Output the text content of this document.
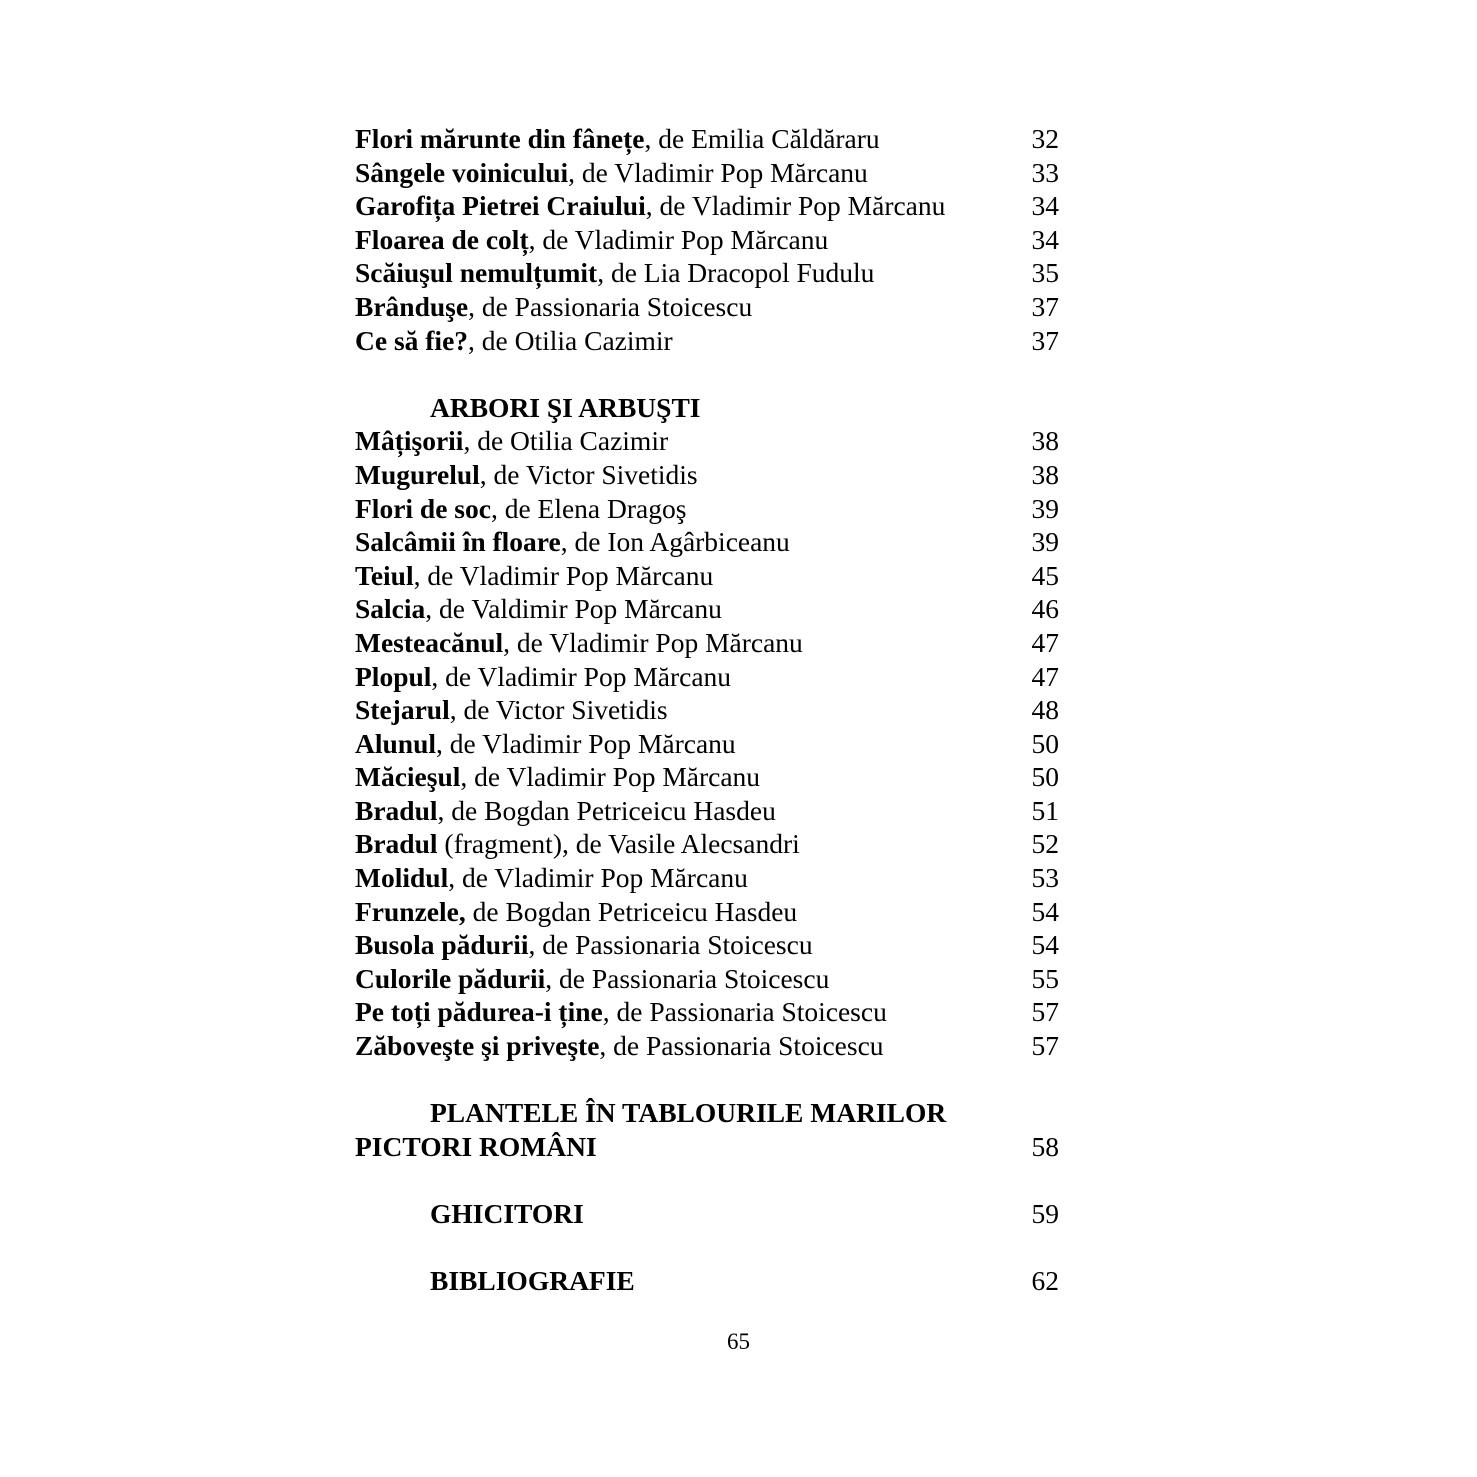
Flori mărunte din fânețe, de Emilia Căldăraru	32
Sângele voinicului, de Vladimir Pop Mărcanu	33
Garofița Pietrei Craiului, de Vladimir Pop Mărcanu	34
Floarea de colț, de Vladimir Pop Mărcanu	34
Scăiuşul nemulțumit, de Lia Dracopol Fudulu	35
Brânduşe, de Passionaria Stoicescu	37
Ce să fie?, de Otilia Cazimir	37
ARBORI ŞI ARBUŞTI
Mâțişorii, de Otilia Cazimir	38
Mugurelul, de Victor Sivetidis	38
Flori de soc, de Elena Dragoş	39
Salcâmii în floare, de Ion Agârbiceanu	39
Teiul, de Vladimir Pop Mărcanu	45
Salcia, de Valdimir Pop Mărcanu	46
Mesteacănul, de Vladimir Pop Mărcanu	47
Plopul, de Vladimir Pop Mărcanu	47
Stejarul, de Victor Sivetidis	48
Alunul, de Vladimir Pop Mărcanu	50
Măcieşul, de Vladimir Pop Mărcanu	50
Bradul, de Bogdan Petriceicu Hasdeu	51
Bradul (fragment), de Vasile Alecsandri	52
Molidul, de Vladimir Pop Mărcanu	53
Frunzele, de Bogdan Petriceicu Hasdeu	54
Busola pădurii, de Passionaria Stoicescu	54
Culorile pădurii, de Passionaria Stoicescu	55
Pe toți pădurea-i ține, de Passionaria Stoicescu	57
Zăboveşte şi priveşte, de Passionaria Stoicescu	57
PLANTELE ÎN TABLOURILE MARILOR
PICTORI ROMÂNI	58
GHICITORI	59
BIBLIOGRAFIE	62
65
